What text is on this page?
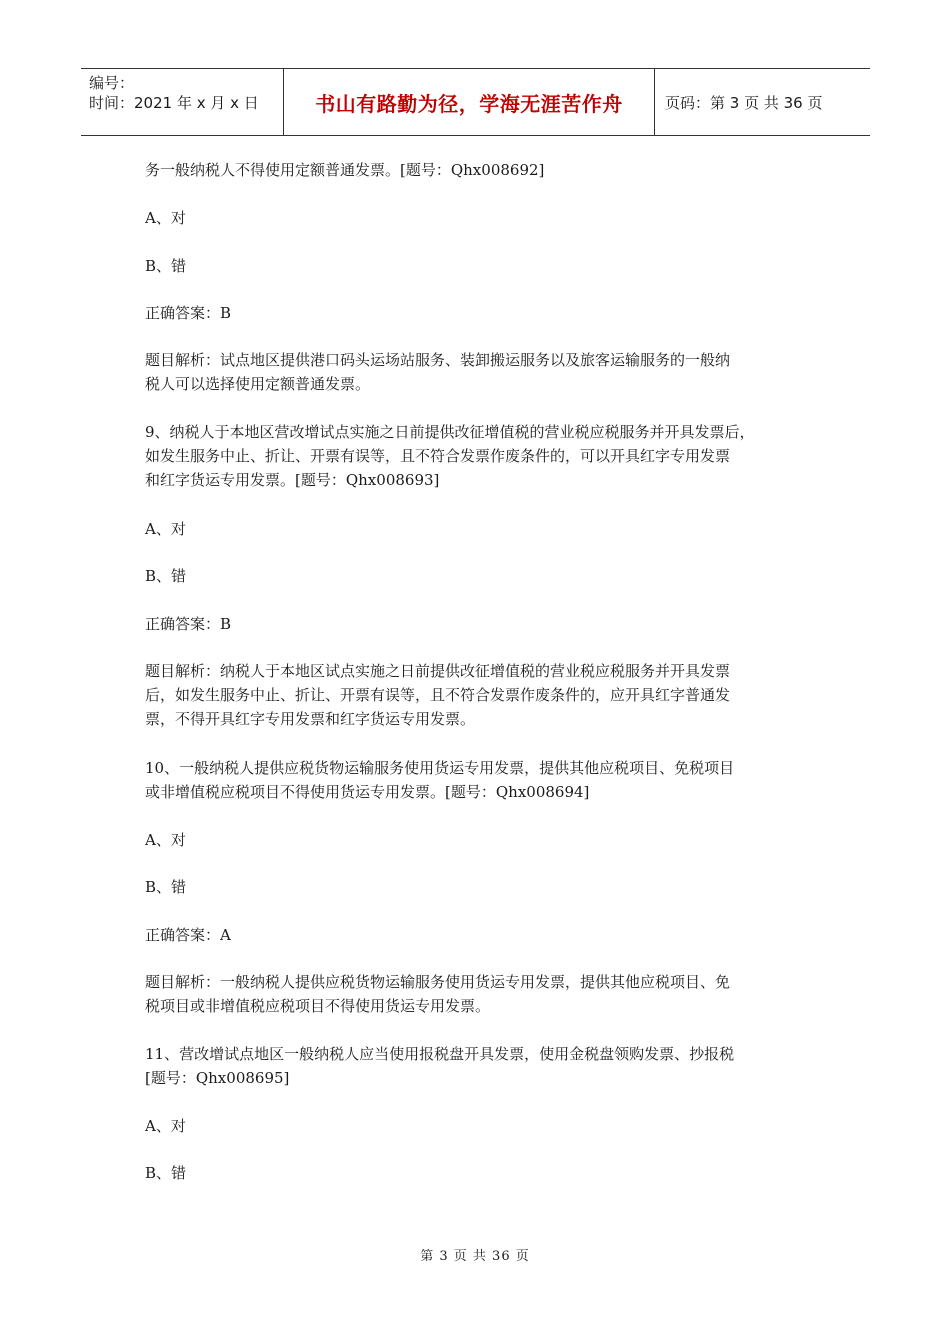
编号：
时间：2021 年 x 月 x 日	书山有路勤为径，学海无涯苦作舟	页码：第 3 页 共 36 页

务一般纳税人不得使用定额普通发票。[题号：Qhx008692]

A、对

B、错

正确答案：B

题目解析：试点地区提供港口码头运场站服务、装卸搬运服务以及旅客运输服务的一般纳

税人可以选择使用定额普通发票。

9、纳税人于本地区营改增试点实施之日前提供改征增值税的营业税应税服务并开具发票后，

如发生服务中止、折让、开票有误等，且不符合发票作废条件的，可以开具红字专用发票

和红字货运专用发票。[题号：Qhx008693]

A、对

B、错

正确答案：B

题目解析：纳税人于本地区试点实施之日前提供改征增值税的营业税应税服务并开具发票

后，如发生服务中止、折让、开票有误等，且不符合发票作废条件的，应开具红字普通发

票，不得开具红字专用发票和红字货运专用发票。

10、一般纳税人提供应税货物运输服务使用货运专用发票，提供其他应税项目、免税项目

或非增值税应税项目不得使用货运专用发票。[题号：Qhx008694]

A、对

B、错

正确答案：A

题目解析：一般纳税人提供应税货物运输服务使用货运专用发票，提供其他应税项目、免

税项目或非增值税应税项目不得使用货运专用发票。

11、营改增试点地区一般纳税人应当使用报税盘开具发票，使用金税盘领购发票、抄报税

[题号：Qhx008695]

A、对

B、错

第 3 页 共 36 页
